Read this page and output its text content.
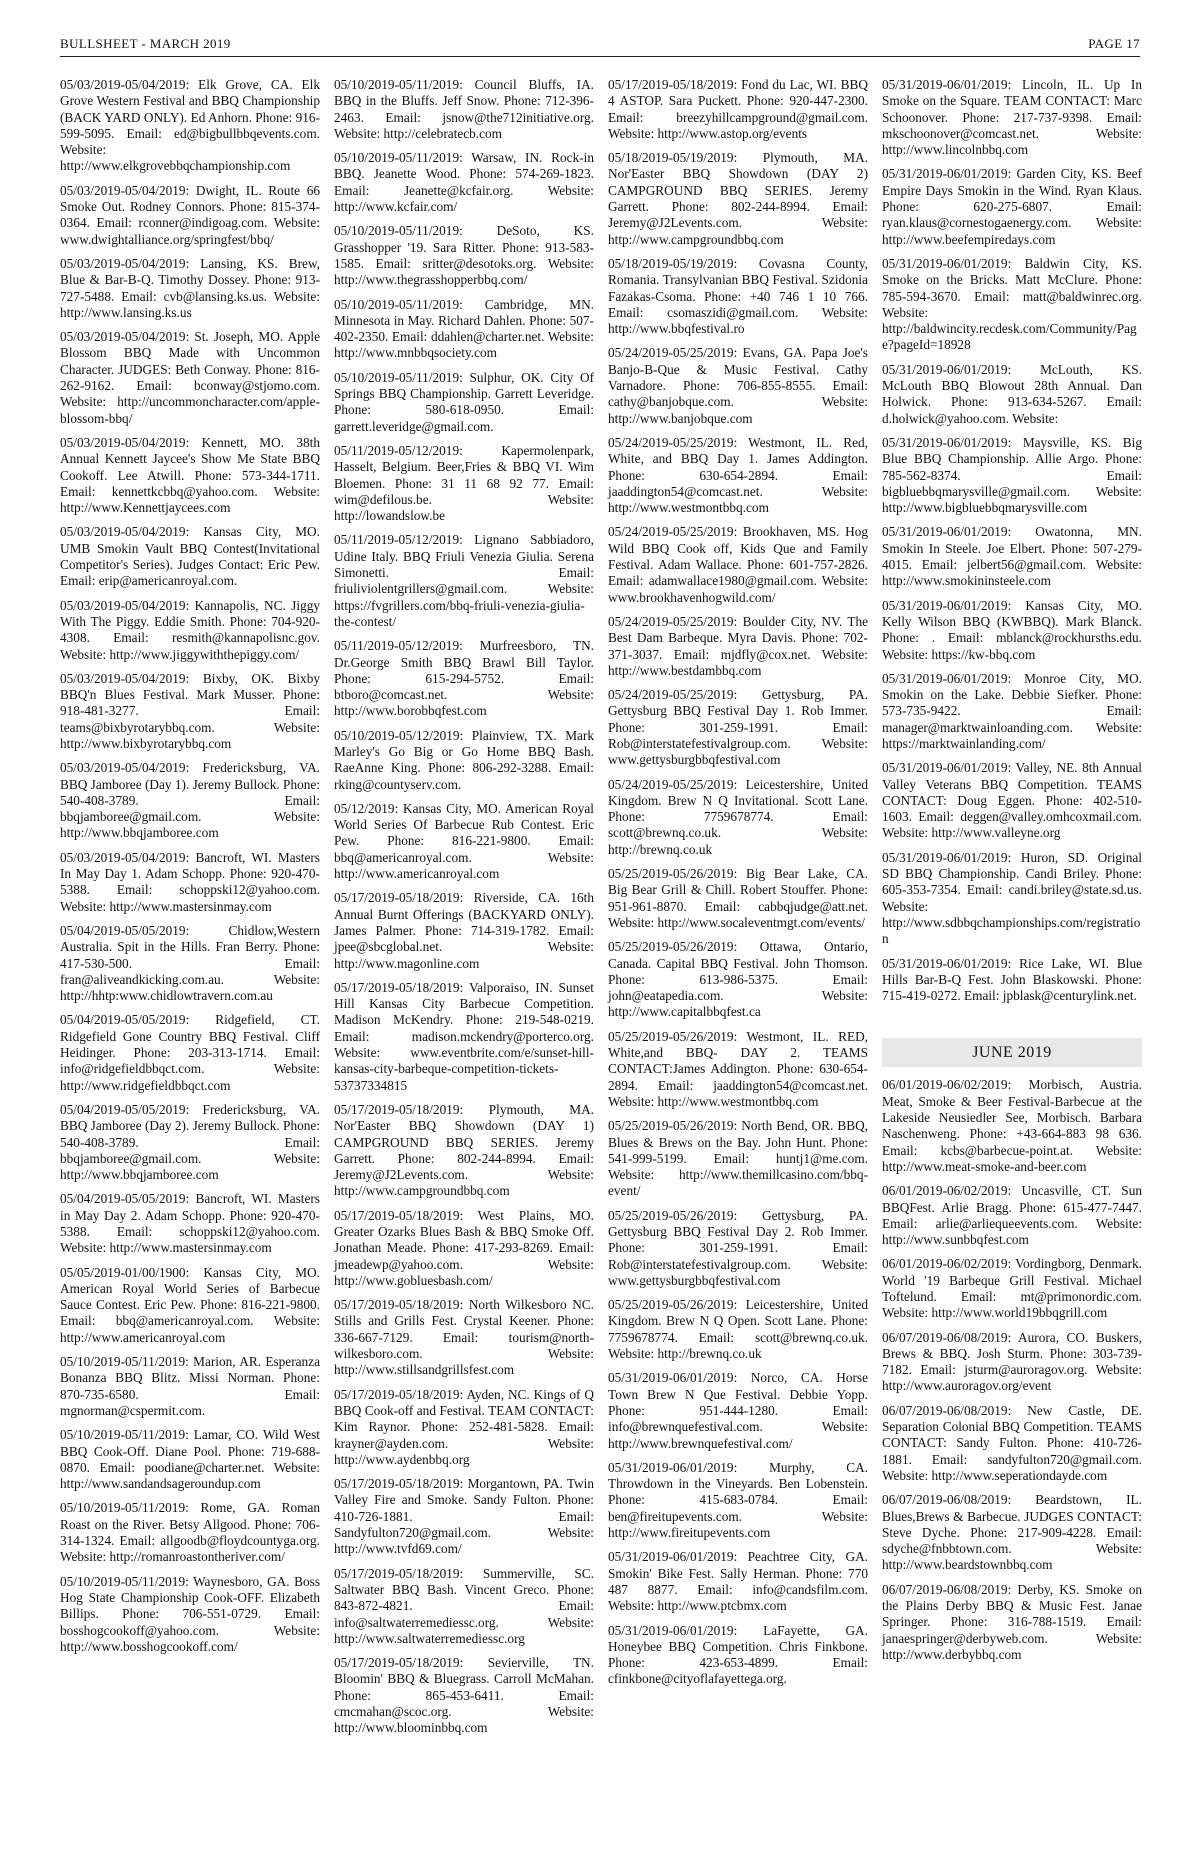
BULLSHEET - MARCH 2019	PAGE 17

05/03/2019-05/04/2019: Elk Grove, CA. Elk Grove Western Festival and BBQ Championship (BACK YARD ONLY). Ed Anhorn. Phone: 916-599-5095. Email: ed@bigbullbbqevents.com. Website: http://www.elkgrovebbqchampionship.com

05/03/2019-05/04/2019: Dwight, IL. Route 66 Smoke Out. Rodney Connors. Phone: 815-374-0364. Email: rconner@indigoag.com. Website: www.dwightalliance.org/springfest/bbq/

05/03/2019-05/04/2019: Lansing, KS. Brew, Blue & Bar-B-Q. Timothy Dossey. Phone: 913-727-5488. Email: cvb@lansing.ks.us. Website: http://www.lansing.ks.us

05/03/2019-05/04/2019: St. Joseph, MO. Apple Blossom BBQ Made with Uncommon Character. JUDGES: Beth Conway. Phone: 816-262-9162. Email: bconway@stjomo.com. Website: http://uncommoncharacter.com/apple-blossom-bbq/

05/03/2019-05/04/2019: Kennett, MO. 38th Annual Kennett Jaycee's Show Me State BBQ Cookoff. Lee Atwill. Phone: 573-344-1711. Email: kennettkcbbq@yahoo.com. Website: http://www.Kennettjaycees.com

05/03/2019-05/04/2019: Kansas City, MO. UMB Smokin Vault BBQ Contest(Invitational Competitor's Series). Judges Contact: Eric Pew. Email: erip@americanroyal.com.

05/03/2019-05/04/2019: Kannapolis, NC. Jiggy With The Piggy. Eddie Smith. Phone: 704-920-4308. Email: resmith@kannapolisnc.gov. Website: http://www.jiggywiththepiggy.com/

05/03/2019-05/04/2019: Bixby, OK. Bixby BBQ'n Blues Festival. Mark Musser. Phone: 918-481-3277. Email: teams@bixbyrotarybbq.com. Website: http://www.bixbyrotarybbq.com

05/03/2019-05/04/2019: Fredericksburg, VA. BBQ Jamboree (Day 1). Jeremy Bullock. Phone: 540-408-3789. Email: bbqjamboree@gmail.com. Website: http://www.bbqjamboree.com

05/03/2019-05/04/2019: Bancroft, WI. Masters In May Day 1. Adam Schopp. Phone: 920-470-5388. Email: schoppski12@yahoo.com. Website: http://www.mastersinmay.com

05/04/2019-05/05/2019: Chidlow,Western Australia. Spit in the Hills. Fran Berry. Phone: 417-530-500. Email: fran@aliveandkicking.com.au. Website: http://hhtp:www.chidlowtravern.com.au

05/04/2019-05/05/2019: Ridgefield, CT. Ridgefield Gone Country BBQ Festival. Cliff Heidinger. Phone: 203-313-1714. Email: info@ridgefieldbbqct.com. Website: http://www.ridgefieldbbqct.com

05/04/2019-05/05/2019: Fredericksburg, VA. BBQ Jamboree (Day 2). Jeremy Bullock. Phone: 540-408-3789. Email: bbqjamboree@gmail.com. Website: http://www.bbqjamboree.com

05/04/2019-05/05/2019: Bancroft, WI. Masters in May Day 2. Adam Schopp. Phone: 920-470-5388. Email: schoppski12@yahoo.com. Website: http://www.mastersinmay.com

05/05/2019-01/00/1900: Kansas City, MO. American Royal World Series of Barbecue Sauce Contest. Eric Pew. Phone: 816-221-9800. Email: bbq@americanroyal.com. Website: http://www.americanroyal.com

05/10/2019-05/11/2019: Marion, AR. Esperanza Bonanza BBQ Blitz. Missi Norman. Phone: 870-735-6580. Email: mgnorman@cspermit.com.

05/10/2019-05/11/2019: Lamar, CO. Wild West BBQ Cook-Off. Diane Pool. Phone: 719-688-0870. Email: poodiane@charter.net. Website: http://www.sandandsageroundup.com

05/10/2019-05/11/2019: Rome, GA. Roman Roast on the River. Betsy Allgood. Phone: 706-314-1324. Email: allgoodb@floydcountyga.org. Website: http://romanroastontheriver.com/

05/10/2019-05/11/2019: Waynesboro, GA. Boss Hog State Championship Cook-OFF. Elizabeth Billips. Phone: 706-551-0729. Email: bosshogcookoff@yahoo.com. Website: http://www.bosshogcookoff.com/

05/10/2019-05/11/2019: Council Bluffs, IA. BBQ in the Bluffs. Jeff Snow. Phone: 712-396-2463. Email: jsnow@the712initiative.org. Website: http://celebratecb.com

05/10/2019-05/11/2019: Warsaw, IN. Rock-in BBQ. Jeanette Wood. Phone: 574-269-1823. Email: Jeanette@kcfair.org. Website: http://www.kcfair.com/

05/10/2019-05/11/2019: DeSoto, KS. Grasshopper '19. Sara Ritter. Phone: 913-583-1585. Email: sritter@desotoks.org. Website: http://www.thegrasshopperbbq.com/

05/10/2019-05/11/2019: Cambridge, MN. Minnesota in May. Richard Dahlen. Phone: 507-402-2350. Email: ddahlen@charter.net. Website: http://www.mnbbqsociety.com

05/10/2019-05/11/2019: Sulphur, OK. City Of Springs BBQ Championship. Garrett Leveridge. Phone: 580-618-0950. Email: garrett.leveridge@gmail.com.

05/11/2019-05/12/2019: Kapermolenpark, Hasselt, Belgium. Beer,Fries & BBQ VI. Wim Bloemen. Phone: 31 11 68 92 77. Email: wim@defilous.be. Website: http://lowandslow.be

05/11/2019-05/12/2019: Lignano Sabbiadoro, Udine Italy. BBQ Friuli Venezia Giulia. Serena Simonetti. Email: friuliviolentgrillers@gmail.com. Website: https://fvgrillers.com/bbq-friuli-venezia-giulia-the-contest/

05/11/2019-05/12/2019: Murfreesboro, TN. Dr.George Smith BBQ Brawl Bill Taylor. Phone: 615-294-5752. Email: btboro@comcast.net. Website: http://www.borobbqfest.com

05/10/2019-05/12/2019: Plainview, TX. Mark Marley's Go Big or Go Home BBQ Bash. RaeAnne King. Phone: 806-292-3288. Email: rking@countyserv.com.

05/12/2019: Kansas City, MO. American Royal World Series Of Barbecue Rub Contest. Eric Pew. Phone: 816-221-9800. Email: bbq@americanroyal.com. Website: http://www.americanroyal.com

05/17/2019-05/18/2019: Riverside, CA. 16th Annual Burnt Offerings (BACKYARD ONLY). James Palmer. Phone: 714-319-1782. Email: jpee@sbcglobal.net. Website: http://www.magonline.com

05/17/2019-05/18/2019: Valporaiso, IN. Sunset Hill Kansas City Barbecue Competition. Madison McKendry. Phone: 219-548-0219. Email: madison.mckendry@porterco.org. Website: www.eventbrite.com/e/sunset-hill-kansas-city-barbeque-competition-tickets-53737334815

05/17/2019-05/18/2019: Plymouth, MA. Nor'Easter BBQ Showdown (DAY 1) CAMPGROUND BBQ SERIES. Jeremy Garrett. Phone: 802-244-8994. Email: Jeremy@J2Levents.com. Website: http://www.campgroundbbq.com

05/17/2019-05/18/2019: West Plains, MO. Greater Ozarks Blues Bash & BBQ Smoke Off. Jonathan Meade. Phone: 417-293-8269. Email: jmeadewp@yahoo.com. Website: http://www.gobluesbash.com/

05/17/2019-05/18/2019: North Wilkesboro NC. Stills and Grills Fest. Crystal Keener. Phone: 336-667-7129. Email: tourism@north-wilkesboro.com. Website: http://www.stillsandgrillsfest.com

05/17/2019-05/18/2019: Ayden, NC. Kings of Q BBQ Cook-off and Festival. TEAM CONTACT: Kim Raynor. Phone: 252-481-5828. Email: krayner@ayden.com. Website: http://www.aydenbbq.org

05/17/2019-05/18/2019: Morgantown, PA. Twin Valley Fire and Smoke. Sandy Fulton. Phone: 410-726-1881. Email: Sandyfulton720@gmail.com. Website: http://www.tvfd69.com/

05/17/2019-05/18/2019: Summerville, SC. Saltwater BBQ Bash. Vincent Greco. Phone: 843-872-4821. Email: info@saltwaterremediessc.org. Website: http://www.saltwaterremediessc.org

05/17/2019-05/18/2019: Sevierville, TN. Bloomin' BBQ & Bluegrass. Carroll McMahan. Phone: 865-453-6411. Email: cmcmahan@scoc.org. Website: http://www.bloominbbq.com

05/17/2019-05/18/2019: Fond du Lac, WI. BBQ 4 ASTOP. Sara Puckett. Phone: 920-447-2300. Email: breezyhillcampground@gmail.com. Website: http://www.astop.org/events

05/18/2019-05/19/2019: Plymouth, MA. Nor'Easter BBQ Showdown (DAY 2) CAMPGROUND BBQ SERIES. Jeremy Garrett. Phone: 802-244-8994. Email: Jeremy@J2Levents.com. Website: http://www.campgroundbbq.com

05/18/2019-05/19/2019: Covasna County, Romania. Transylvanian BBQ Festival. Szidonia Fazakas-Csoma. Phone: +40 746 1 10 766. Email: csomaszidi@gmail.com. Website: http://www.bbqfestival.ro

05/24/2019-05/25/2019: Evans, GA. Papa Joe's Banjo-B-Que & Music Festival. Cathy Varnadore. Phone: 706-855-8555. Email: cathy@banjobque.com. Website: http://www.banjobque.com

05/24/2019-05/25/2019: Westmont, IL. Red, White, and BBQ Day 1. James Addington. Phone: 630-654-2894. Email: jaaddington54@comcast.net. Website: http://www.westmontbbq.com

05/24/2019-05/25/2019: Brookhaven, MS. Hog Wild BBQ Cook off, Kids Que and Family Festival. Adam Wallace. Phone: 601-757-2826. Email: adamwallace1980@gmail.com. Website: www.brookhavenhogwild.com/

05/24/2019-05/25/2019: Boulder City, NV. The Best Dam Barbeque. Myra Davis. Phone: 702-371-3037. Email: mjdfly@cox.net. Website: http://www.bestdambbq.com

05/24/2019-05/25/2019: Gettysburg, PA. Gettysburg BBQ Festival Day 1. Rob Immer. Phone: 301-259-1991. Email: Rob@interstatefestivalgroup.com. Website: www.gettysburgbbqfestival.com

05/24/2019-05/25/2019: Leicestershire, United Kingdom. Brew N Q Invitational. Scott Lane. Phone: 7759678774. Email: scott@brewnq.co.uk. Website: http://brewnq.co.uk

05/25/2019-05/26/2019: Big Bear Lake, CA. Big Bear Grill & Chill. Robert Stouffer. Phone: 951-961-8870. Email: cabbqjudge@att.net. Website: http://www.socaleventmgt.com/events/

05/25/2019-05/26/2019: Ottawa, Ontario, Canada. Capital BBQ Festival. John Thomson. Phone: 613-986-5375. Email: john@eatapedia.com. Website: http://www.capitalbbqfest.ca

05/25/2019-05/26/2019: Westmont, IL. RED, White,and BBQ- DAY 2. TEAMS CONTACT:James Addington. Phone: 630-654-2894. Email: jaaddington54@comcast.net. Website: http://www.westmontbbq.com

05/25/2019-05/26/2019: North Bend, OR. BBQ, Blues & Brews on the Bay. John Hunt. Phone: 541-999-5199. Email: huntj1@me.com. Website: http://www.themillcasino.com/bbq-event/

05/25/2019-05/26/2019: Gettysburg, PA. Gettysburg BBQ Festival Day 2. Rob Immer. Phone: 301-259-1991. Email: Rob@interstatefestivalgroup.com. Website: www.gettysburgbbqfestival.com

05/25/2019-05/26/2019: Leicestershire, United Kingdom. Brew N Q Open. Scott Lane. Phone: 7759678774. Email: scott@brewnq.co.uk. Website: http://brewnq.co.uk

05/31/2019-06/01/2019: Norco, CA. Horse Town Brew N Que Festival. Debbie Yopp. Phone: 951-444-1280. Email: info@brewnquefestival.com. Website: http://www.brewnquefestival.com/

05/31/2019-06/01/2019: Murphy, CA. Throwdown in the Vineyards. Ben Lobenstein. Phone: 415-683-0784. Email: ben@fireitupevents.com. Website: http://www.fireitupevents.com

05/31/2019-06/01/2019: Peachtree City, GA. Smokin' Bike Fest. Sally Herman. Phone: 770 487 8877. Email: info@candsfilm.com. Website: http://www.ptcbmx.com

05/31/2019-06/01/2019: LaFayette, GA. Honeybee BBQ Competition. Chris Finkbone. Phone: 423-653-4899. Email: cfinkbone@cityoflafayettega.org.

05/31/2019-06/01/2019: Lincoln, IL. Up In Smoke on the Square. TEAM CONTACT: Marc Schoonover. Phone: 217-737-9398. Email: mkschoonover@comcast.net. Website: http://www.lincolnbbq.com

05/31/2019-06/01/2019: Garden City, KS. Beef Empire Days Smokin in the Wind. Ryan Klaus. Phone: 620-275-6807. Email: ryan.klaus@cornestogaenergy.com. Website: http://www.beefempiredays.com

05/31/2019-06/01/2019: Baldwin City, KS. Smoke on the Bricks. Matt McClure. Phone: 785-594-3670. Email: matt@baldwinrec.org. Website: http://baldwincity.recdesk.com/Community/Page?pageId=18928

05/31/2019-06/01/2019: McLouth, KS. McLouth BBQ Blowout 28th Annual. Dan Holwick. Phone: 913-634-5267. Email: d.holwick@yahoo.com. Website:

05/31/2019-06/01/2019: Maysville, KS. Big Blue BBQ Championship. Allie Argo. Phone: 785-562-8374. Email: bigbluebbqmarysville@gmail.com. Website: http://www.bigbluebbqmarysville.com

05/31/2019-06/01/2019: Owatonna, MN. Smokin In Steele. Joe Elbert. Phone: 507-279-4015. Email: jelbert56@gmail.com. Website: http://www.smokininsteele.com

05/31/2019-06/01/2019: Kansas City, MO. Kelly Wilson BBQ (KWBBQ). Mark Blanck. Phone: . Email: mblanck@rockhursths.edu. Website: https://kw-bbq.com

05/31/2019-06/01/2019: Monroe City, MO. Smokin on the Lake. Debbie Siefker. Phone: 573-735-9422. Email: manager@marktwainloanding.com. Website: https://marktwainlanding.com/

05/31/2019-06/01/2019: Valley, NE. 8th Annual Valley Veterans BBQ Competition. TEAMS CONTACT: Doug Eggen. Phone: 402-510-1603. Email: deggen@valley.omhcoxmail.com. Website: http://www.valleyne.org

05/31/2019-06/01/2019: Huron, SD. Original SD BBQ Championship. Candi Briley. Phone: 605-353-7354. Email: candi.briley@state.sd.us. Website: http://www.sdbbqchampionships.com/registration

05/31/2019-06/01/2019: Rice Lake, WI. Blue Hills Bar-B-Q Fest. John Blaskowski. Phone: 715-419-0272. Email: jpblask@centurylink.net.

JUNE 2019

06/01/2019-06/02/2019: Morbisch, Austria. Meat, Smoke & Beer Festival-Barbecue at the Lakeside Neusiedler See, Morbisch. Barbara Naschenweng. Phone: +43-664-883 98 636. Email: kcbs@barbecue-point.at. Website: http://www.meat-smoke-and-beer.com

06/01/2019-06/02/2019: Uncasville, CT. Sun BBQFest. Arlie Bragg. Phone: 615-477-7447. Email: arlie@arliequeevents.com. Website: http://www.sunbbqfest.com

06/01/2019-06/02/2019: Vordingborg, Denmark. World '19 Barbeque Grill Festival. Michael Toftelund. Email: mt@primonordic.com. Website: http://www.world19bbqgrill.com

06/07/2019-06/08/2019: Aurora, CO. Buskers, Brews & BBQ. Josh Sturm. Phone: 303-739-7182. Email: jsturm@auroragov.org. Website: http://www.auroragov.org/event

06/07/2019-06/08/2019: New Castle, DE. Separation Colonial BBQ Competition. TEAMS CONTACT: Sandy Fulton. Phone: 410-726-1881. Email: sandyfulton720@gmail.com. Website: http://www.seperationdayde.com

06/07/2019-06/08/2019: Beardstown, IL. Blues,Brews & Barbecue. JUDGES CONTACT: Steve Dyche. Phone: 217-909-4228. Email: sdyche@fnbbtown.com. Website: http://www.beardstownbbq.com

06/07/2019-06/08/2019: Derby, KS. Smoke on the Plains Derby BBQ & Music Fest. Janae Springer. Phone: 316-788-1519. Email: janaespringer@derbyweb.com. Website: http://www.derbybbq.com
